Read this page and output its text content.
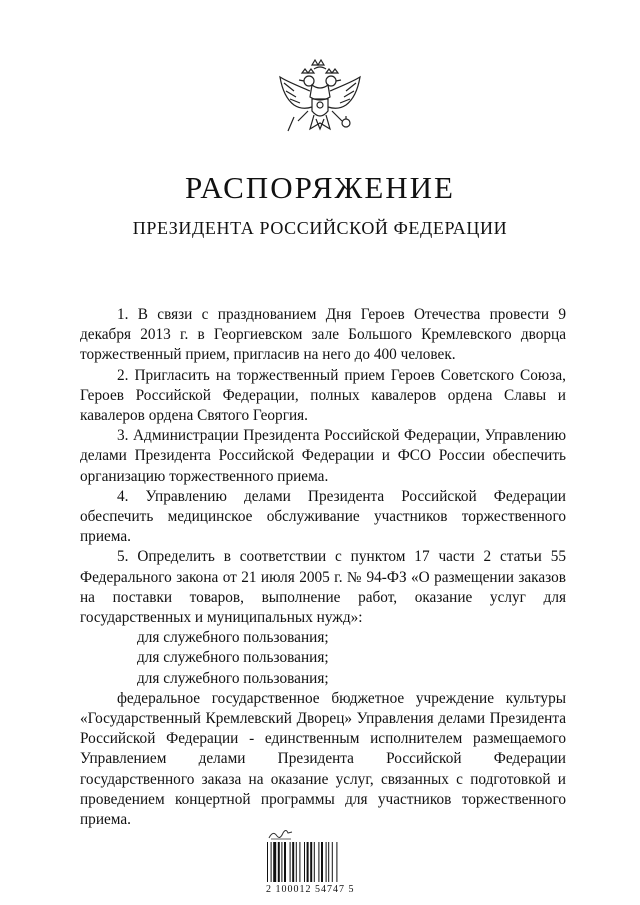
РАСПОРЯЖЕНИЕ
ПРЕЗИДЕНТА РОССИЙСКОЙ ФЕДЕРАЦИИ

1. В связи с празднованием Дня Героев Отечества провести 9 декабря 2013 г. в Георгиевском зале Большого Кремлевского дворца торжественный прием, пригласив на него до 400 человек.

2. Пригласить на торжественный прием Героев Советского Союза, Героев Российской Федерации, полных кавалеров ордена Славы и кавалеров ордена Святого Георгия.

3. Администрации Президента Российской Федерации, Управлению делами Президента Российской Федерации и ФСО России обеспечить организацию торжественного приема.

4. Управлению делами Президента Российской Федерации обеспечить медицинское обслуживание участников торжественного приема.

5. Определить в соответствии с пунктом 17 части 2 статьи 55 Федерального закона от 21 июля 2005 г. № 94-ФЗ «О размещении заказов на поставки товаров, выполнение работ, оказание услуг для государственных и муниципальных нужд»:

для служебного пользования;

для служебного пользования;

для служебного пользования;

федеральное государственное бюджетное учреждение культуры «Государственный Кремлевский Дворец» Управления делами Президента Российской Федерации - единственным исполнителем размещаемого Управлением делами Президента Российской Федерации государственного заказа на оказание услуг, связанных с подготовкой и проведением концертной программы для участников торжественного приема.

2 100012 54747 5
